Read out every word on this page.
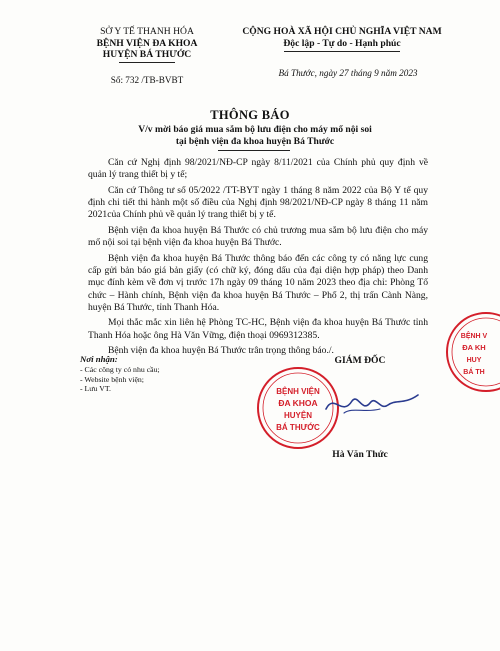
SỞ Y TẾ THANH HÓA
BỆNH VIỆN ĐA KHOA
HUYỆN BÁ THƯỚC
Số: 732 /TB-BVBT
CỘNG HOÀ XÃ HỘI CHỦ NGHĨA VIỆT NAM
Độc lập - Tự do - Hạnh phúc
Bá Thước, ngày 27 tháng 9 năm 2023
THÔNG BÁO
V/v mời báo giá mua sắm bộ lưu điện cho máy mổ nội soi
tại bệnh viện đa khoa huyện Bá Thước

Căn cứ Nghị định 98/2021/NĐ-CP ngày 8/11/2021 của Chính phủ quy định về quản lý trang thiết bị y tế;

Căn cứ Thông tư số 05/2022 /TT-BYT ngày 1 tháng 8 năm 2022 của Bộ Y tế quy định chi tiết thi hành một số điều của Nghị định 98/2021/NĐ-CP ngày 8 tháng 11 năm 2021của Chính phủ về quản lý trang thiết bị y tế.

Bệnh viện đa khoa huyện Bá Thước có chủ trương mua sắm bộ lưu điện cho máy mổ nội soi tại bệnh viện đa khoa huyện Bá Thước.

Bệnh viện đa khoa huyện Bá Thước thông báo đến các công ty có năng lực cung cấp gửi bản báo giá bản giấy (có chữ ký, đóng dấu của đại diện hợp pháp) theo Danh mục đính kèm về đơn vị trước 17h ngày 09 tháng 10 năm 2023 theo địa chỉ: Phòng Tổ chức – Hành chính, Bệnh viện đa khoa huyện Bá Thước – Phố 2, thị trấn Cành Nàng, huyện Bá Thước, tỉnh Thanh Hóa.

Mọi thắc mắc xin liên hệ Phòng TC-HC, Bệnh viện đa khoa huyện Bá Thước tỉnh Thanh Hóa hoặc ông Hà Văn Vững, điện thoại 0969312385.

Bệnh viện đa khoa huyện Bá Thước trân trọng thông báo./.

Nơi nhận:
- Các công ty có nhu cầu;
- Website bệnh viện;
- Lưu VT.
GIÁM ĐỐC
BỆNH VIỆN
ĐA KHOA
HUYỆN
BÁ THƯỚC
Hà Văn Thức
BỆNH V
ĐA KH
HUY
BÁ TH
